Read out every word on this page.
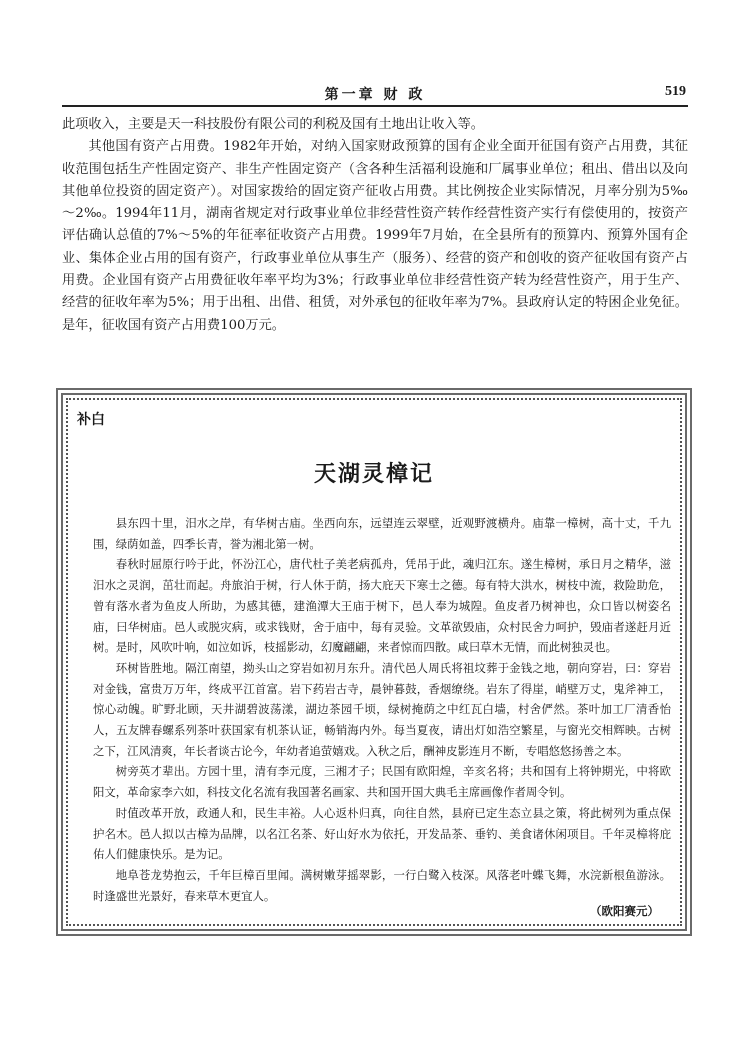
第一章 财 政	519

此项收入，主要是天一科技股份有限公司的利税及国有土地出让收入等。

其他国有资产占用费。1982年开始，对纳入国家财政预算的国有企业全面开征国有资产占用费，其征收范围包括生产性固定资产、非生产性固定资产（含各种生活福利设施和厂属事业单位；租出、借出以及向其他单位投资的固定资产）。对国家拨给的固定资产征收占用费。其比例按企业实际情况，月率分别为5‰～2‰。1994年11月，湖南省规定对行政事业单位非经营性资产转作经营性资产实行有偿使用的，按资产评估确认总值的7%～5%的年征率征收资产占用费。1999年7月始，在全县所有的预算内、预算外国有企业、集体企业占用的国有资产，行政事业单位从事生产（服务）、经营的资产和创收的资产征收国有资产占用费。企业国有资产占用费征收年率平均为3%；行政事业单位非经营性资产转为经营性资产，用于生产、经营的征收年率为5%；用于出租、出借、租赁，对外承包的征收年率为7%。县政府认定的特困企业免征。是年，征收国有资产占用费100万元。

补白
天湖灵樟记

县东四十里，汨水之岸，有华树古庙。坐西向东，远望连云翠壁，近观野渡横舟。庙靠一樟树，高十丈，千九围，绿荫如盖，四季长青，誉为湘北第一树。

春秋时屈原行吟于此，怀汾江心，唐代杜子美老病孤舟，凭吊于此，魂归江东。遂生樟树，承日月之精华，滋汨水之灵润，茁壮而起。舟旅泊于树，行人休于荫，扬大庇天下寒士之德。每有特大洪水，树枝中流，救险助危，曾有落水者为鱼皮人所助，为感其德，建渔潭大王庙于树下，邑人奉为城隍。鱼皮者乃树神也，众口皆以树姿名庙，曰华树庙。邑人或脱灾病，或求钱财，舍于庙中，每有灵验。文革欲毁庙，众村民舍力呵护，毁庙者遂赶月近树。是时，风吹叶响，如泣如诉，枝摇影动，幻魔翩翩，来者惊而四散。咸曰草木无情，而此树独灵也。

环树皆胜地。隔江南望，拗头山之穿岩如初月东升。清代邑人周氏将祖坟葬于金钱之地，朝向穿岩，曰：穿岩对金钱，富贵万万年，终成平江首富。岩下药岩古寺，晨钟暮鼓，香烟缭绕。岩东了得崖，峭壁万丈，鬼斧神工，惊心动魄。旷野北顾，天井湖碧波荡漾，湖边茶园千顷，绿树掩荫之中红瓦白墙，村舍俨然。茶叶加工厂清香怡人，五友牌春螺系列茶叶获国家有机茶认证，畅销海内外。每当夏夜，请出灯如浩空繁星，与窗光交相辉映。古树之下，江风清爽，年长者谈古论今，年幼者追萤嬉戏。入秋之后，酬神皮影连月不断，专唱悠悠扬善之本。

树旁英才辈出。方园十里，清有李元度，三湘才子；民国有欧阳煌，辛亥名将；共和国有上将钟期光，中将欧阳文，革命家李六如，科技文化名流有我国著名画家、共和国开国大典毛主席画像作者周令钊。

时值改革开放，政通人和，民生丰裕。人心返朴归真，向往自然，县府已定生态立县之策，将此树列为重点保护名木。邑人拟以古樟为品牌，以名江名茶、好山好水为依托，开发品茶、垂钓、美食诸休闲项目。千年灵樟将庇佑人们健康快乐。是为记。

地阜苍龙势抱云，千年巨樟百里闻。满树嫩芽摇翠影，一行白鹭入枝深。风落老叶蝶飞舞，水浣新根鱼游泳。时逢盛世光景好，春来草木更宜人。

（欧阳赛元）
